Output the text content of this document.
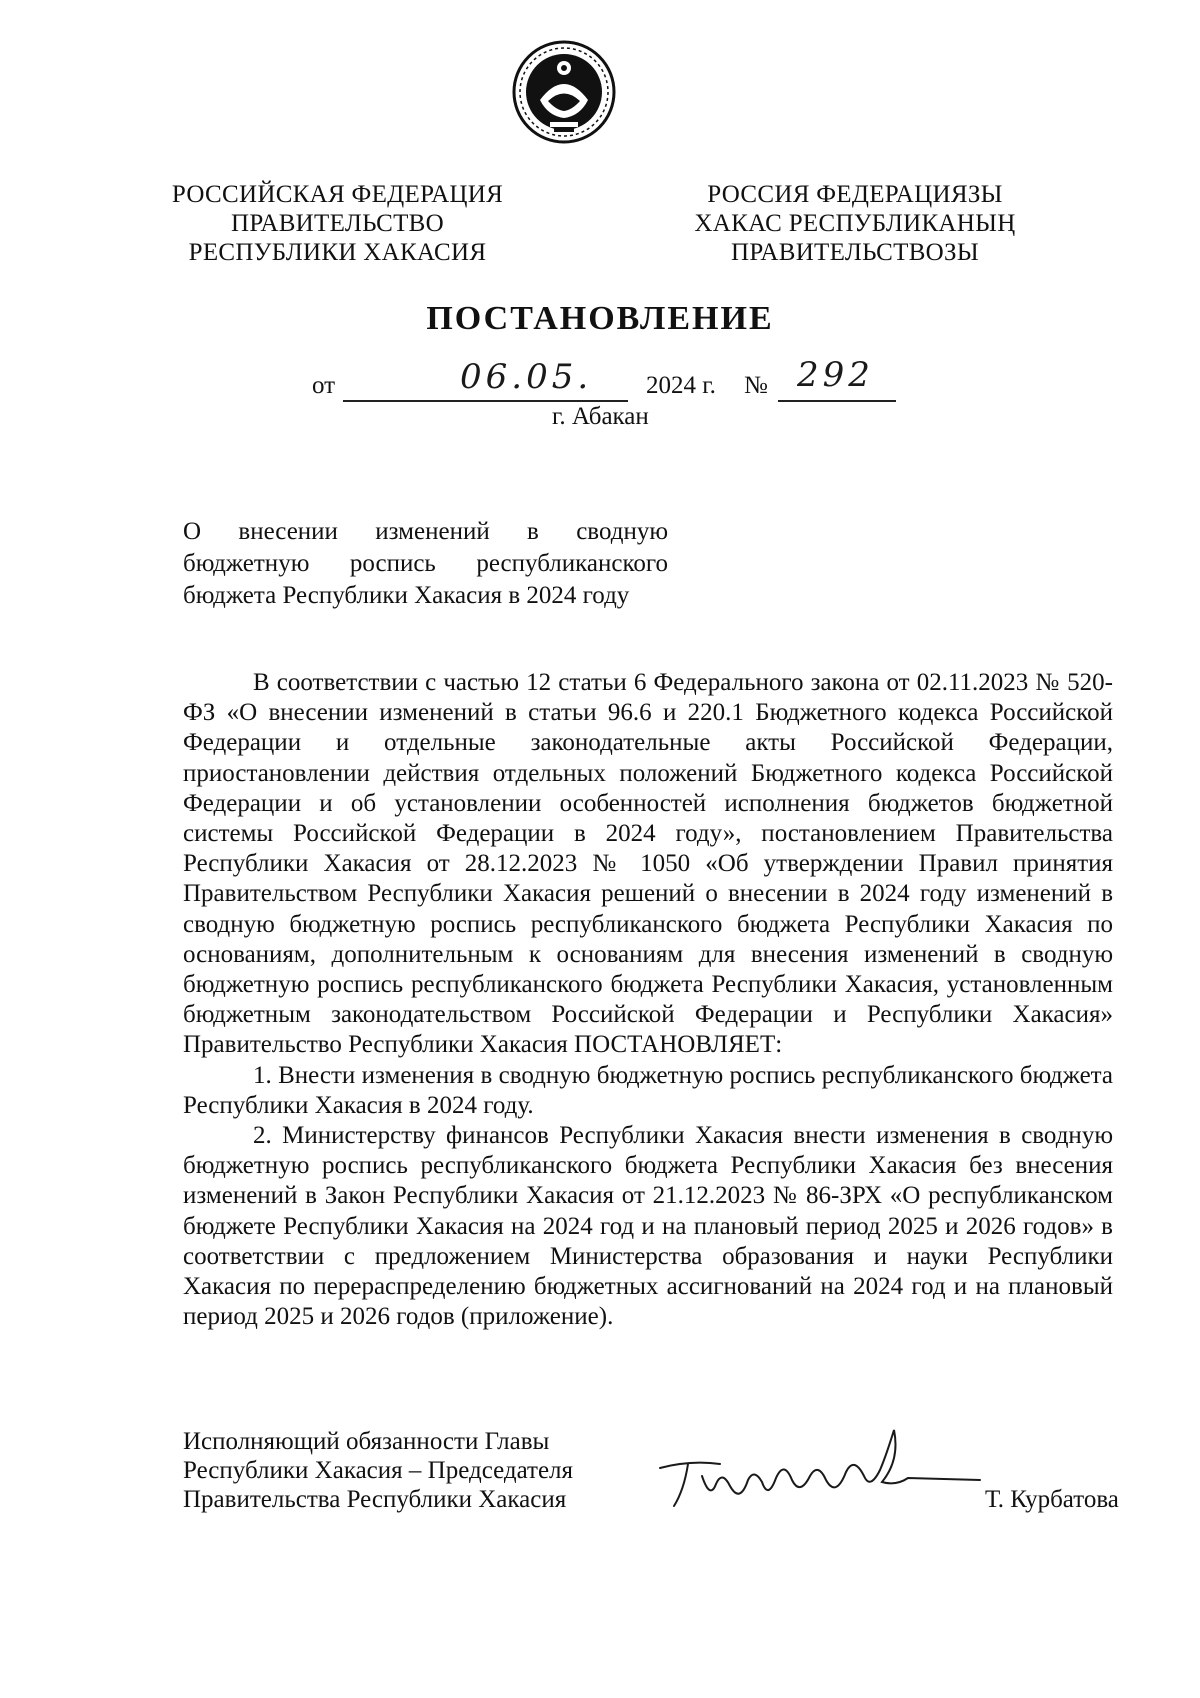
РОССИЙСКАЯ ФЕДЕРАЦИЯ
ПРАВИТЕЛЬСТВО
РЕСПУБЛИКИ ХАКАСИЯ
РОССИЯ ФЕДЕРАЦИЯЗЫ
ХАКАС РЕСПУБЛИКАНЫҢ
ПРАВИТЕЛЬСТВОЗЫ
ПОСТАНОВЛЕНИЕ
от	06.05. 2024 г. № 292
г. Абакан
О внесении изменений в сводную бюджетную роспись республиканского бюджета Республики Хакасия в 2024 году

В соответствии с частью 12 статьи 6 Федерального закона от 02.11.2023 № 520-ФЗ «О внесении изменений в статьи 96.6 и 220.1 Бюджетного кодекса Российской Федерации и отдельные законодательные акты Российской Федерации, приостановлении действия отдельных положений Бюджетного кодекса Российской Федерации и об установлении особенностей исполнения бюджетов бюджетной системы Российской Федерации в 2024 году», постановлением Правительства Республики Хакасия от 28.12.2023 № 1050 «Об утверждении Правил принятия Правительством Республики Хакасия решений о внесении в 2024 году изменений в сводную бюджетную роспись республиканского бюджета Республики Хакасия по основаниям, дополнительным к основаниям для внесения изменений в сводную бюджетную роспись республиканского бюджета Республики Хакасия, установленным бюджетным законодательством Российской Федерации и Республики Хакасия» Правительство Республики Хакасия ПОСТАНОВЛЯЕТ:

1. Внести изменения в сводную бюджетную роспись республиканского бюджета Республики Хакасия в 2024 году.

2. Министерству финансов Республики Хакасия внести изменения в сводную бюджетную роспись республиканского бюджета Республики Хакасия без внесения изменений в Закон Республики Хакасия от 21.12.2023 № 86-ЗРХ «О республиканском бюджете Республики Хакасия на 2024 год и на плановый период 2025 и 2026 годов» в соответствии с предложением Министерства образования и науки Республики Хакасия по перераспределению бюджетных ассигнований на 2024 год и на плановый период 2025 и 2026 годов (приложение).

Исполняющий обязанности Главы
Республики Хакасия – Председателя
Правительства Республики Хакасия	Т. Курбатова
